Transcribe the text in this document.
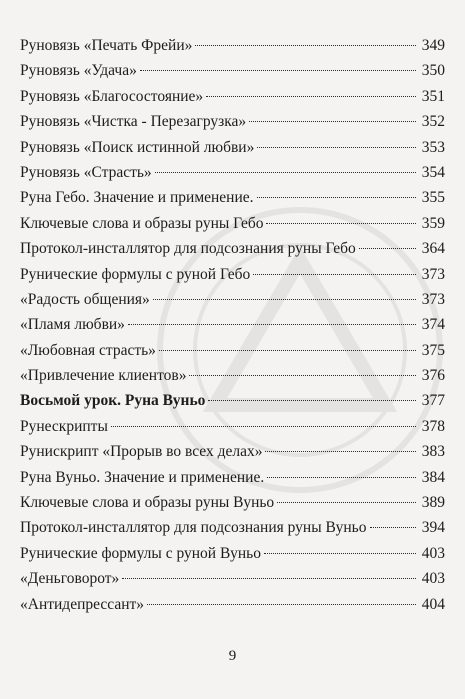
Руновязь «Печать Фрейи»	349
Руновязь «Удача»	350
Руновязь «Благосостояние»	351
Руновязь «Чистка - Перезагрузка»	352
Руновязь «Поиск истинной любви»	353
Руновязь «Страсть»	354
Руна Гебо. Значение и применение.	355
Ключевые слова и образы руны Гебо	359
Протокол-инсталлятор для подсознания руны Гебо	364
Рунические формулы с руной Гебо	373
«Радость общения»	373
«Пламя любви»	374
«Любовная страсть»	375
«Привлечение клиентов»	376
Восьмой урок. Руна Вуньо	377
Рунескрипты	378
Рунискрипт «Прорыв во всех делах»	383
Руна Вуньо. Значение и применение.	384
Ключевые слова и образы руны Вуньо	389
Протокол-инсталлятор для подсознания руны Вуньо	394
Рунические формулы с руной Вуньо	403
«Деньговорот»	403
«Антидепрессант»	404
9
